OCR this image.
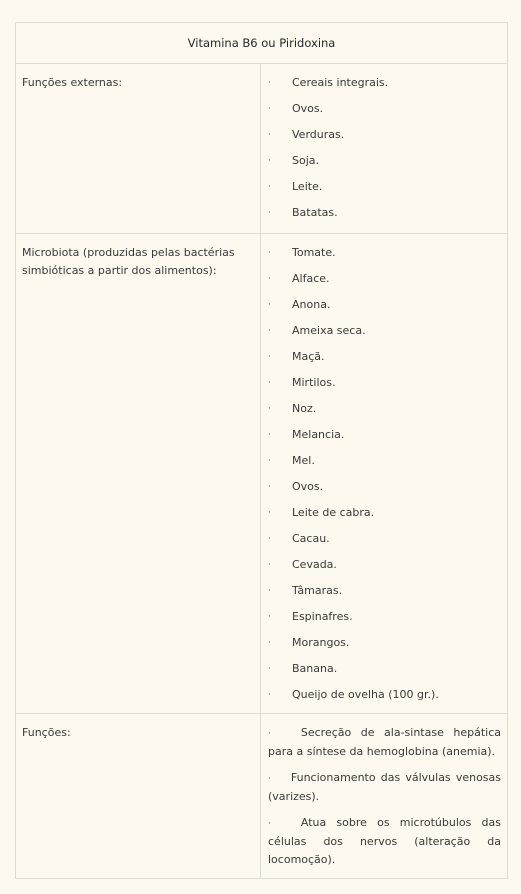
Vitamina B6 ou Piridoxina
Funções externas:	·	Cereais integrais.
·	Ovos.
·	Verduras.
·	Soja.
·	Leite.
·	Batatas.
Microbiota (produzidas pelas bactérias simbióticas a partir dos alimentos):
·	Tomate.
·	Alface.
·	Anona.
·	Ameixa seca.
·	Maçã.
·	Mirtilos.
·	Noz.
·	Melancia.
·	Mel.
·	Ovos.
·	Leite de cabra.
·	Cacau.
·	Cevada.
·	Tâmaras.
·	Espinafres.
·	Morangos.
·	Banana.
·	Queijo de ovelha (100 gr.).
Funções:	·	Secreção de ala-sintase hepática para a síntese da hemoglobina (anemia).
· Funcionamento das válvulas venosas (varizes).
·	Atua sobre os microtúbulos das células dos nervos (alteração da locomoção).
